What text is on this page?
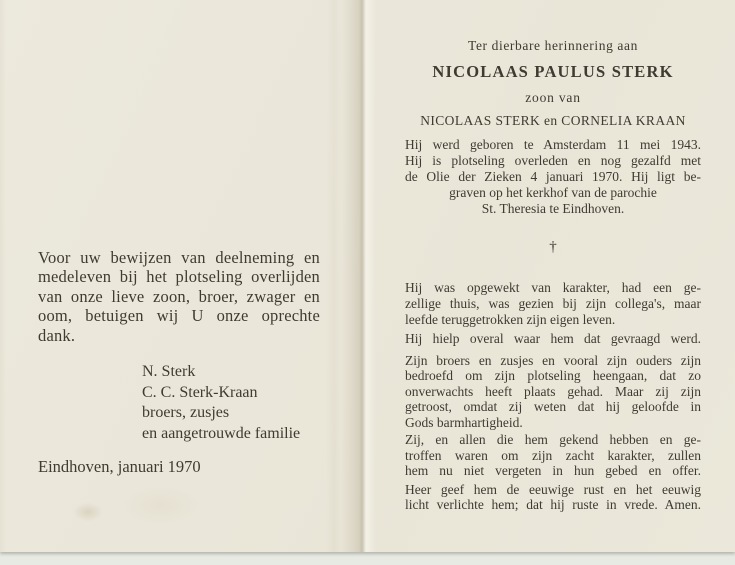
Voor uw bewijzen van deelneming en
medeleven bij het plotseling overlijden
van onze lieve zoon, broer, zwager en
oom, betuigen wij U onze oprechte
dank.
N. Sterk
C. C. Sterk-Kraan
broers, zusjes
en aangetrouwde familie
Eindhoven, januari 1970
Ter dierbare herinnering aan
NICOLAAS PAULUS STERK
zoon van
NICOLAAS STERK en CORNELIA KRAAN
Hij werd geboren te Amsterdam 11 mei 1943.
Hij is plotseling overleden en nog gezalfd met
de Olie der Zieken 4 januari 1970. Hij ligt be-
graven op het kerkhof van de parochie
St. Theresia te Eindhoven.
†
Hij was opgewekt van karakter, had een ge-
zellige thuis, was gezien bij zijn collega's, maar
leefde teruggetrokken zijn eigen leven.
Hij hielp overal waar hem dat gevraagd werd.
Zijn broers en zusjes en vooral zijn ouders zijn
bedroefd om zijn plotseling heengaan, dat zo
onverwachts heeft plaats gehad. Maar zij zijn
getroost, omdat zij weten dat hij geloofde in
Gods barmhartigheid.
Zij, en allen die hem gekend hebben en ge-
troffen waren om zijn zacht karakter, zullen
hem nu niet vergeten in hun gebed en offer.
Heer geef hem de eeuwige rust en het eeuwig
licht verlichte hem; dat hij ruste in vrede. Amen.
